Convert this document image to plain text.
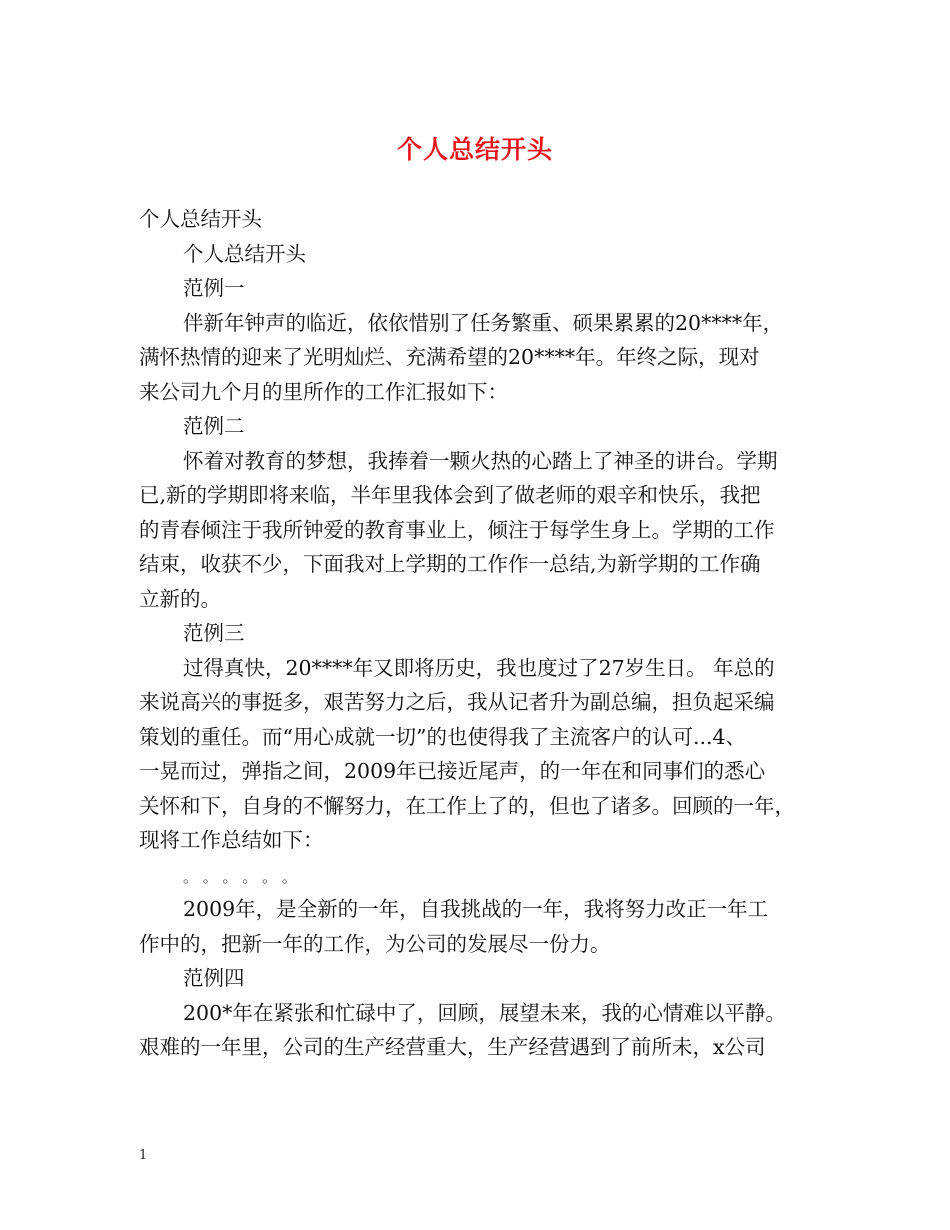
个人总结开头
个人总结开头
个人总结开头
范例一
伴新年钟声的临近，依依惜别了任务繁重、硕果累累的20****年，
满怀热情的迎来了光明灿烂、充满希望的20****年。年终之际，现对
来公司九个月的里所作的工作汇报如下：
范例二
怀着对教育的梦想，我捧着一颗火热的心踏上了神圣的讲台。学期
已,新的学期即将来临，半年里我体会到了做老师的艰辛和快乐，我把
的青春倾注于我所钟爱的教育事业上，倾注于每学生身上。学期的工作
结束，收获不少，下面我对上学期的工作作一总结,为新学期的工作确
立新的。
范例三
过得真快，20****年又即将历史，我也度过了27岁生日。 年总的
来说高兴的事挺多，艰苦努力之后，我从记者升为副总编，担负起采编
策划的重任。而“用心成就一切”的也使得我了主流客户的认可...4、
一晃而过，弹指之间，2009年已接近尾声，的一年在和同事们的悉心
关怀和下，自身的不懈努力，在工作上了的，但也了诸多。回顾的一年，
现将工作总结如下：
。 。 。 。 。 。
2009年，是全新的一年，自我挑战的一年，我将努力改正一年工
作中的，把新一年的工作，为公司的发展尽一份力。
范例四
200*年在紧张和忙碌中了，回顾，展望未来，我的心情难以平静。
艰难的一年里，公司的生产经营重大，生产经营遇到了前所未，x公司
1
